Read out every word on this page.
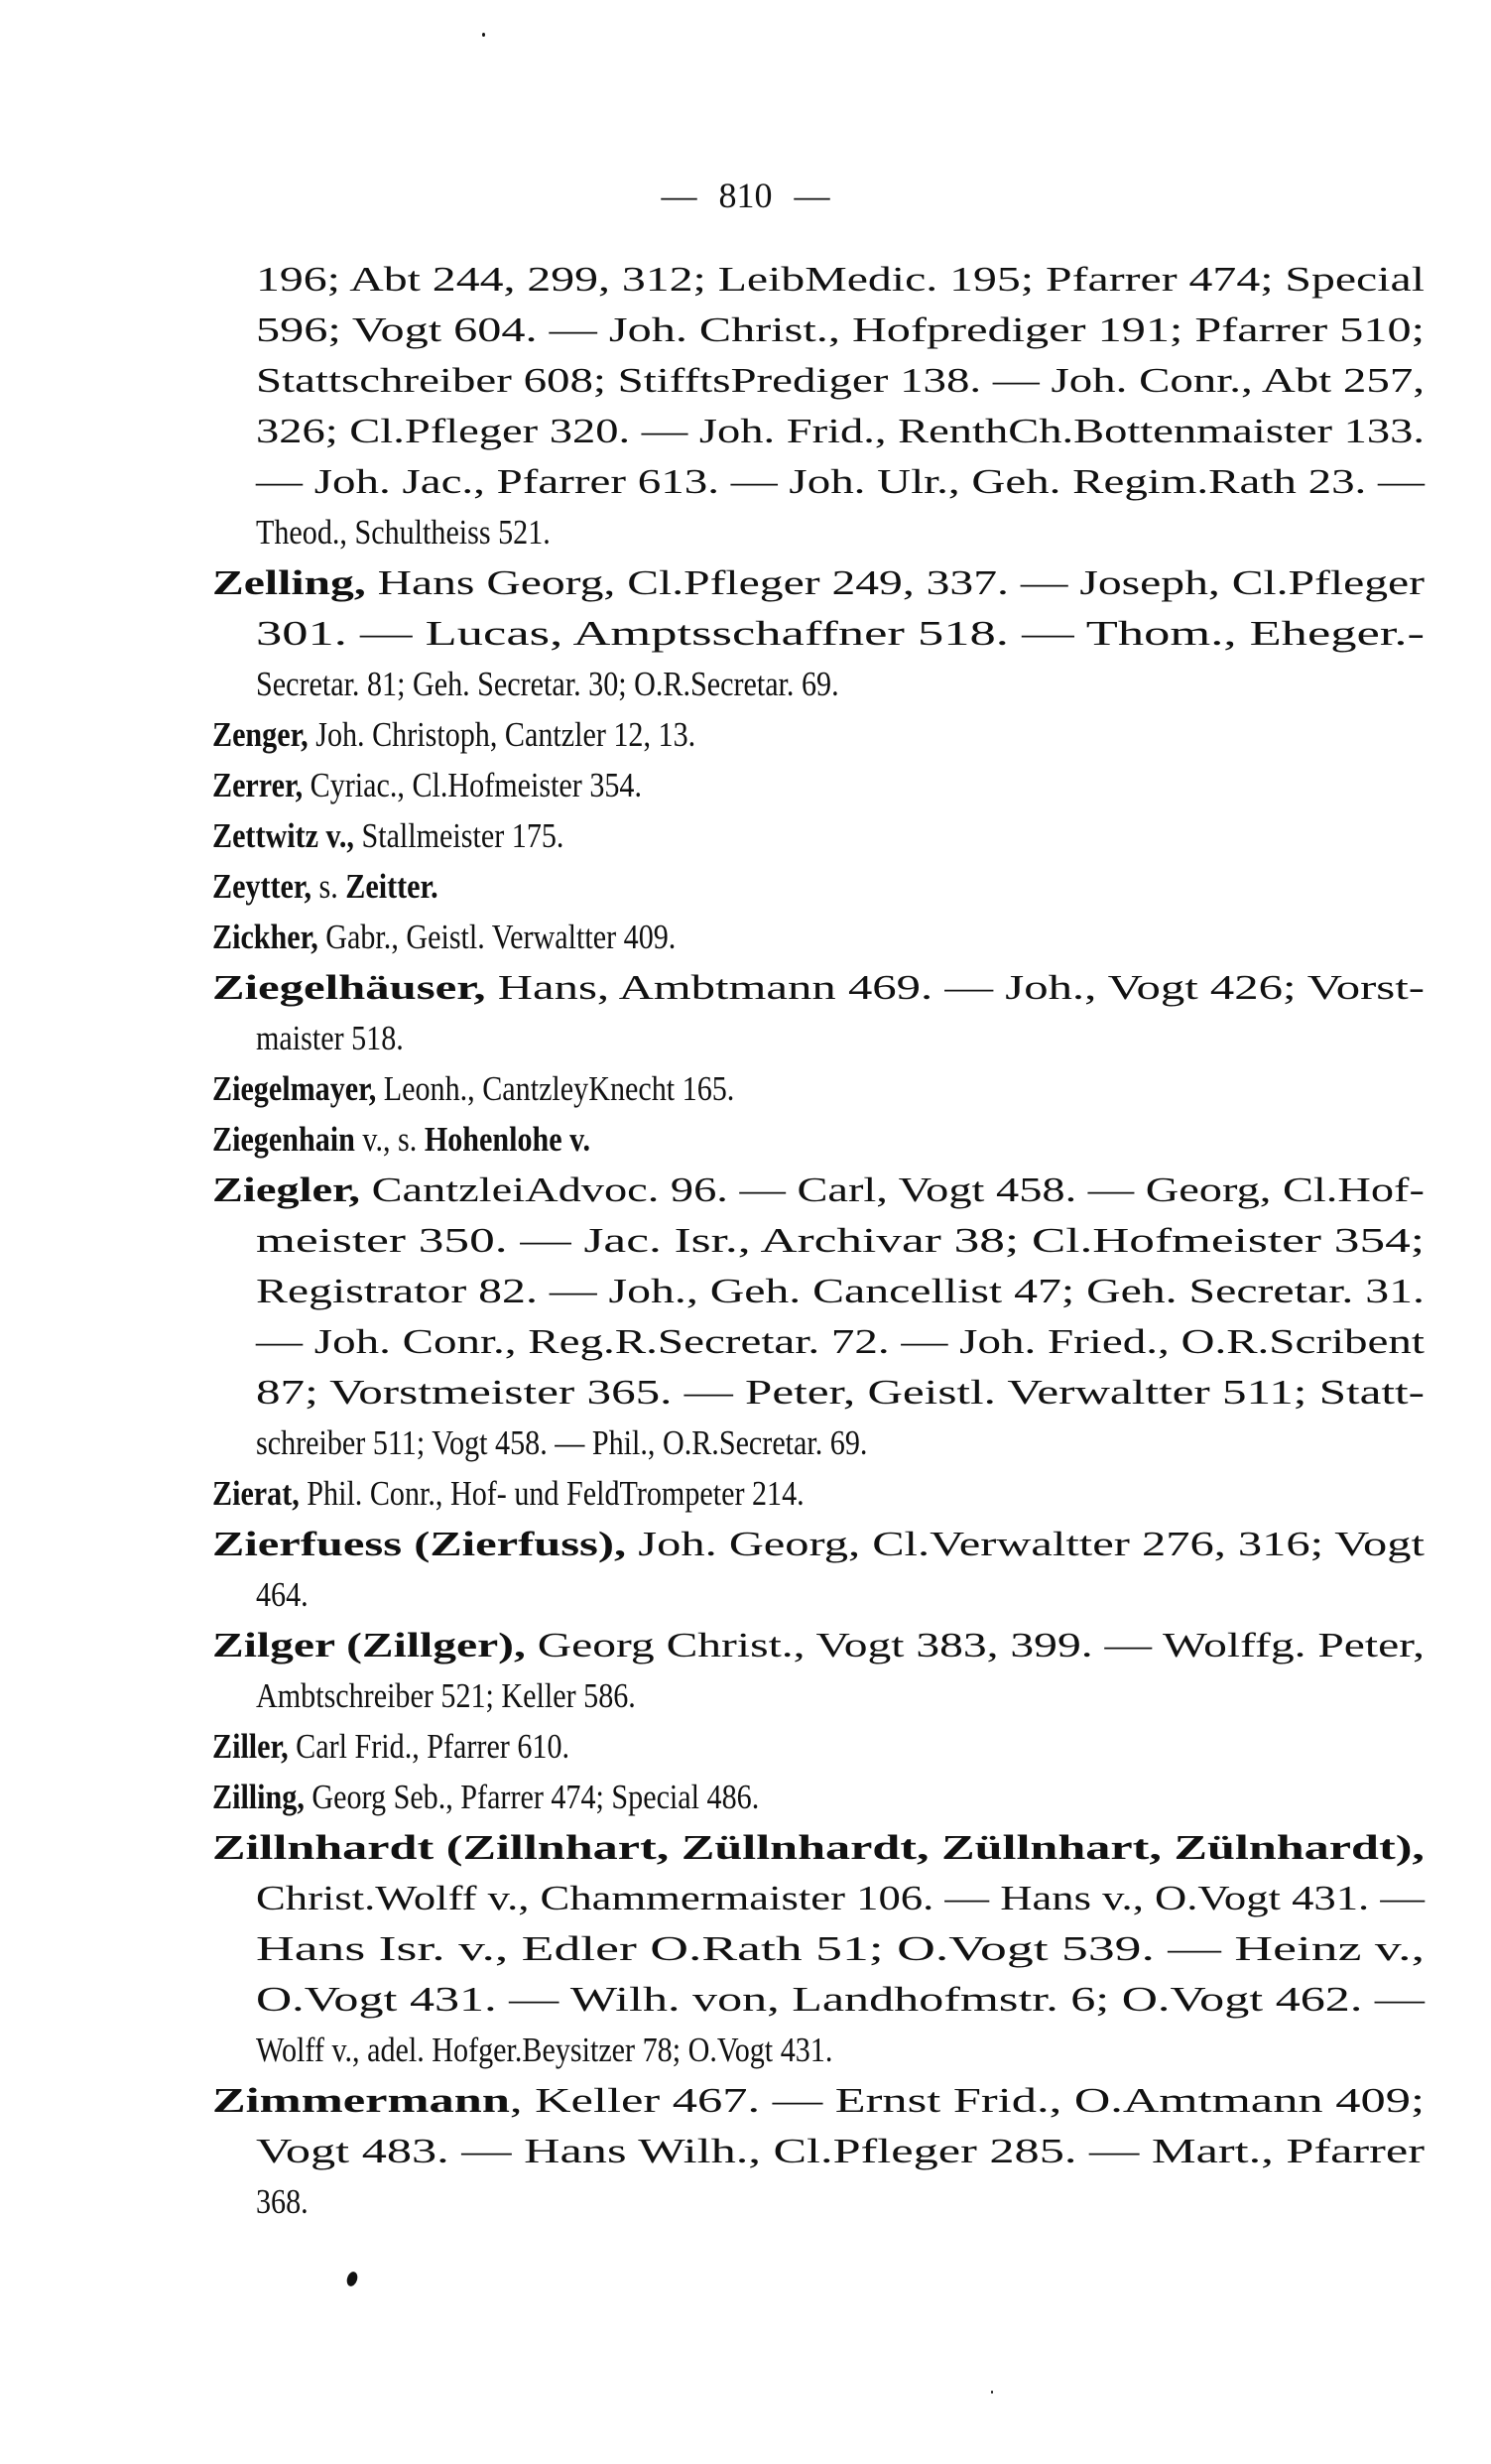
— 810 —
196; Abt 244, 299, 312; LeibMedic. 195; Pfarrer 474; Special
596; Vogt 604. — Joh. Christ., Hofprediger 191; Pfarrer 510;
Stattschreiber 608; StifftsPrediger 138. — Joh. Conr., Abt 257,
326; Cl.Pfleger 320. — Joh. Frid., RenthCh.Bottenmaister 133.
— Joh. Jac., Pfarrer 613. — Joh. Ulr., Geh. Regim.Rath 23. —
Theod., Schultheiss 521.
Zelling, Hans Georg, Cl.Pfleger 249, 337. — Joseph, Cl.Pfleger
301. — Lucas, Amptsschaffner 518. — Thom., Eheger.-
Secretar. 81; Geh. Secretar. 30; O.R.Secretar. 69.
Zenger, Joh. Christoph, Cantzler 12, 13.
Zerrer, Cyriac., Cl.Hofmeister 354.
Zettwitz v., Stallmeister 175.
Zeytter, s. Zeitter.
Zickher, Gabr., Geistl. Verwaltter 409.
Ziegelhäuser, Hans, Ambtmann 469. — Joh., Vogt 426; Vorst-
maister 518.
Ziegelmayer, Leonh., CantzleyKnecht 165.
Ziegenhain v., s. Hohenlohe v.
Ziegler, CantzleiAdvoc. 96. — Carl, Vogt 458. — Georg, Cl.Hof-
meister 350. — Jac. Isr., Archivar 38; Cl.Hofmeister 354;
Registrator 82. — Joh., Geh. Cancellist 47; Geh. Secretar. 31.
— Joh. Conr., Reg.R.Secretar. 72. — Joh. Fried., O.R.Scribent
87; Vorstmeister 365. — Peter, Geistl. Verwaltter 511; Statt-
schreiber 511; Vogt 458. — Phil., O.R.Secretar. 69.
Zierat, Phil. Conr., Hof- und FeldTrompeter 214.
Zierfuess (Zierfuss), Joh. Georg, Cl.Verwaltter 276, 316; Vogt
464.
Zilger (Zillger), Georg Christ., Vogt 383, 399. — Wolffg. Peter,
Ambtschreiber 521; Keller 586.
Ziller, Carl Frid., Pfarrer 610.
Zilling, Georg Seb., Pfarrer 474; Special 486.
Zillnhardt (Zillnhart, Züllnhardt, Züllnhart, Zülnhardt),
Christ.Wolff v., Chammermaister 106. — Hans v., O.Vogt 431. —
Hans Isr. v., Edler O.Rath 51; O.Vogt 539. — Heinz v.,
O.Vogt 431. — Wilh. von, Landhofmstr. 6; O.Vogt 462. —
Wolff v., adel. Hofger.Beysitzer 78; O.Vogt 431.
Zimmermann, Keller 467. — Ernst Frid., O.Amtmann 409;
Vogt 483. — Hans Wilh., Cl.Pfleger 285. — Mart., Pfarrer
368.
